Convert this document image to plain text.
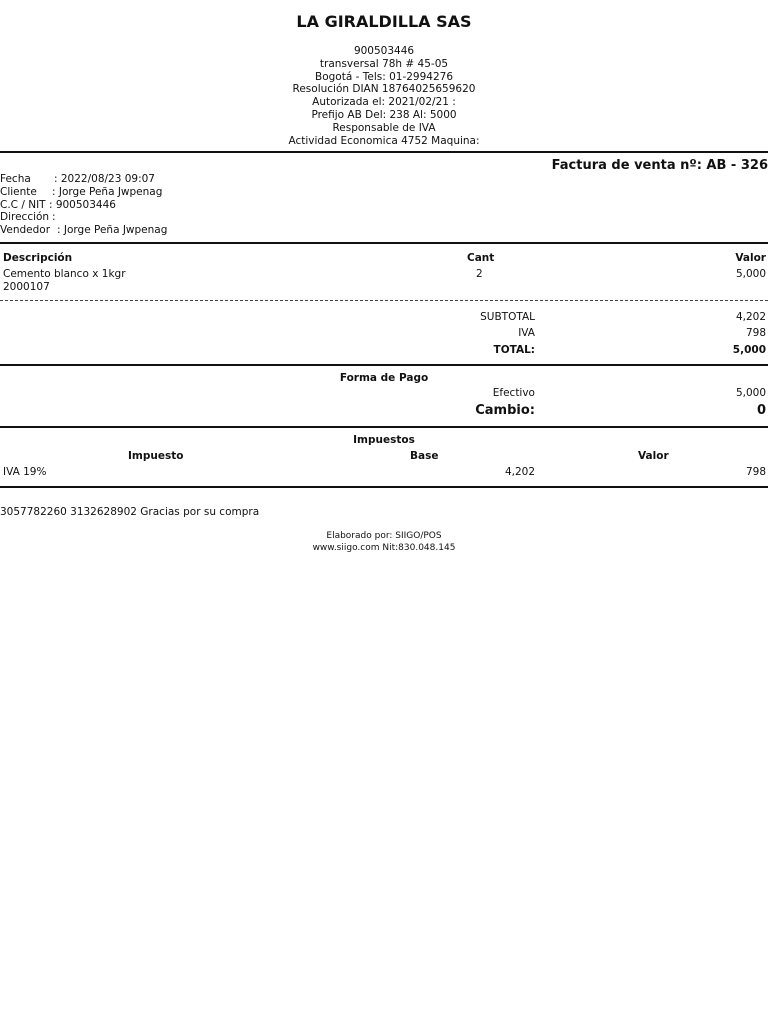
LA GIRALDILLA SAS
900503446
transversal 78h # 45-05
Bogotá - Tels: 01-2994276
Resolución DIAN 18764025659620
Autorizada el: 2021/02/21 :
Prefijo AB Del: 238 Al: 5000
Responsable de IVA
Actividad Economica 4752 Maquina:
Factura de venta nº: AB - 326
Fecha : 2022/08/23 09:07
Cliente : Jorge Peña Jwpenag
C.C / NIT : 900503446
Dirección :
Vendedor : Jorge Peña Jwpenag
Descripción	Cant	Valor
Cemento blanco x 1kgr
2000107
2	5,000
SUBTOTAL	4,202
IVA	798
TOTAL:	5,000
Forma de Pago
Efectivo	5,000
Cambio:	0
Impuestos
Impuesto	Base	Valor
IVA 19%	4,202	798
3057782260 3132628902 Gracias por su compra
Elaborado por: SIIGO/POS
www.siigo.com Nit:830.048.145
